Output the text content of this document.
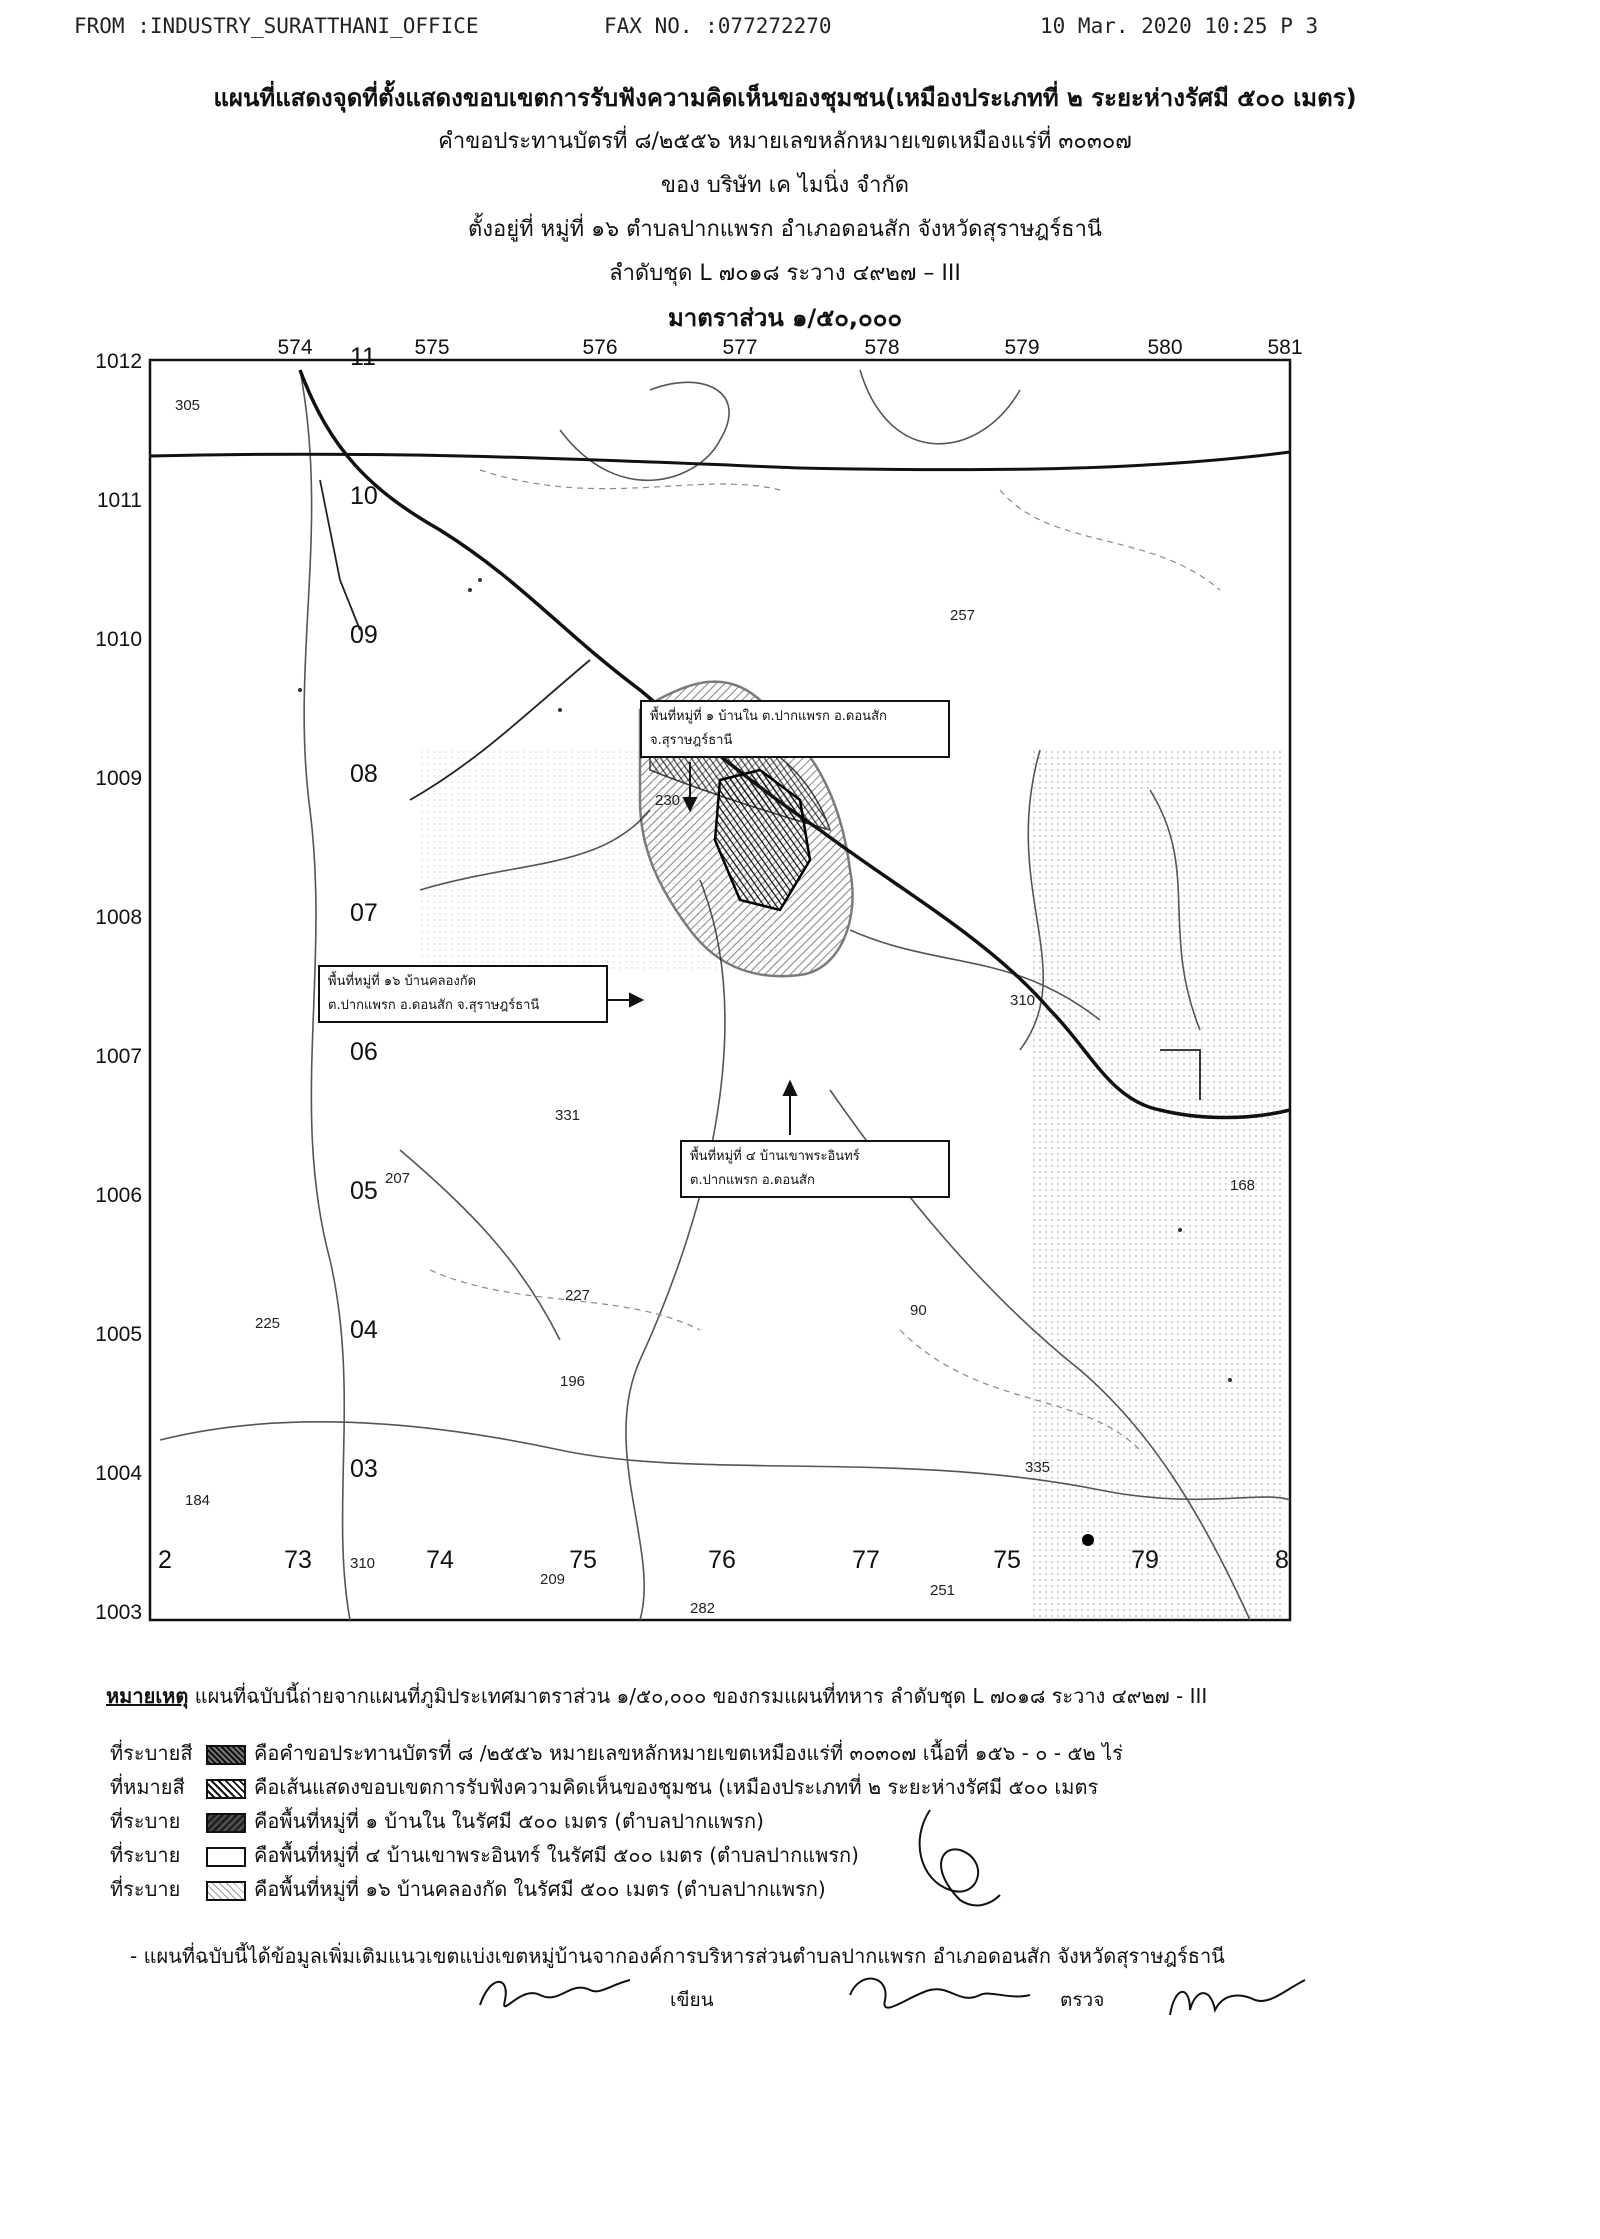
FROM :INDUSTRY_SURATTHANI_OFFICE	FAX NO. :077272270	10 Mar. 2020 10:25 P 3
แผนที่แสดงจุดที่ตั้งแสดงขอบเขตการรับฟังความคิดเห็นของชุมชน(เหมืองประเภทที่ ๒ ระยะห่างรัศมี ๕๐๐ เมตร)
คำขอประทานบัตรที่ ๘/๒๕๕๖ หมายเลขหลักหมายเขตเหมืองแร่ที่ ๓๐๓๐๗
ของ บริษัท เค ไมนิ่ง จำกัด
ตั้งอยู่ที่ หมู่ที่ ๑๖ ตำบลปากแพรก อำเภอดอนสัก จังหวัดสุราษฎร์ธานี
ลำดับชุด L ๗๐๑๘ ระวาง ๔๙๒๗ – III
มาตราส่วน ๑/๕๐,๐๐๐
574	575	576	577	578	579	580	581
1012
1011
1010
1009
1008
1007
1006
1005
1004
1003
11
10
09
08
07
06
05
04
03
2	73	74	75	76	77	75	79	8
305
257
230
310
331
207	168
227
225
196
90
335
184
310
209
282
251
พื้นที่หมู่ที่ ๑ บ้านใน ต.ปากแพรก อ.ดอนสัก
จ.สุราษฎร์ธานี
พื้นที่หมู่ที่ ๑๖ บ้านคลองกัด
ต.ปากแพรก อ.ดอนสัก จ.สุราษฎร์ธานี
พื้นที่หมู่ที่ ๔ บ้านเขาพระอินทร์
ต.ปากแพรก อ.ดอนสัก
หมายเหตุ แผนที่ฉบับนี้ถ่ายจากแผนที่ภูมิประเทศมาตราส่วน ๑/๕๐,๐๐๐ ของกรมแผนที่ทหาร ลำดับชุด L ๗๐๑๘ ระวาง ๔๙๒๗ - III
ที่ระบายสี	คือคำขอประทานบัตรที่ ๘ /๒๕๕๖ หมายเลขหลักหมายเขตเหมืองแร่ที่ ๓๐๓๐๗ เนื้อที่ ๑๕๖ - ๐ - ๕๒ ไร่
ที่หมายสี	คือเส้นแสดงขอบเขตการรับฟังความคิดเห็นของชุมชน (เหมืองประเภทที่ ๒ ระยะห่างรัศมี ๕๐๐ เมตร
ที่ระบาย	คือพื้นที่หมู่ที่ ๑ บ้านใน ในรัศมี ๕๐๐ เมตร (ตำบลปากแพรก)
ที่ระบาย	คือพื้นที่หมู่ที่ ๔ บ้านเขาพระอินทร์ ในรัศมี ๕๐๐ เมตร (ตำบลปากแพรก)
ที่ระบาย	คือพื้นที่หมู่ที่ ๑๖ บ้านคลองกัด ในรัศมี ๕๐๐ เมตร (ตำบลปากแพรก)
- แผนที่ฉบับนี้ได้ข้อมูลเพิ่มเติมแนวเขตแบ่งเขตหมู่บ้านจากองค์การบริหารส่วนตำบลปากแพรก อำเภอดอนสัก จังหวัดสุราษฎร์ธานี
เขียน	ตรวจ
